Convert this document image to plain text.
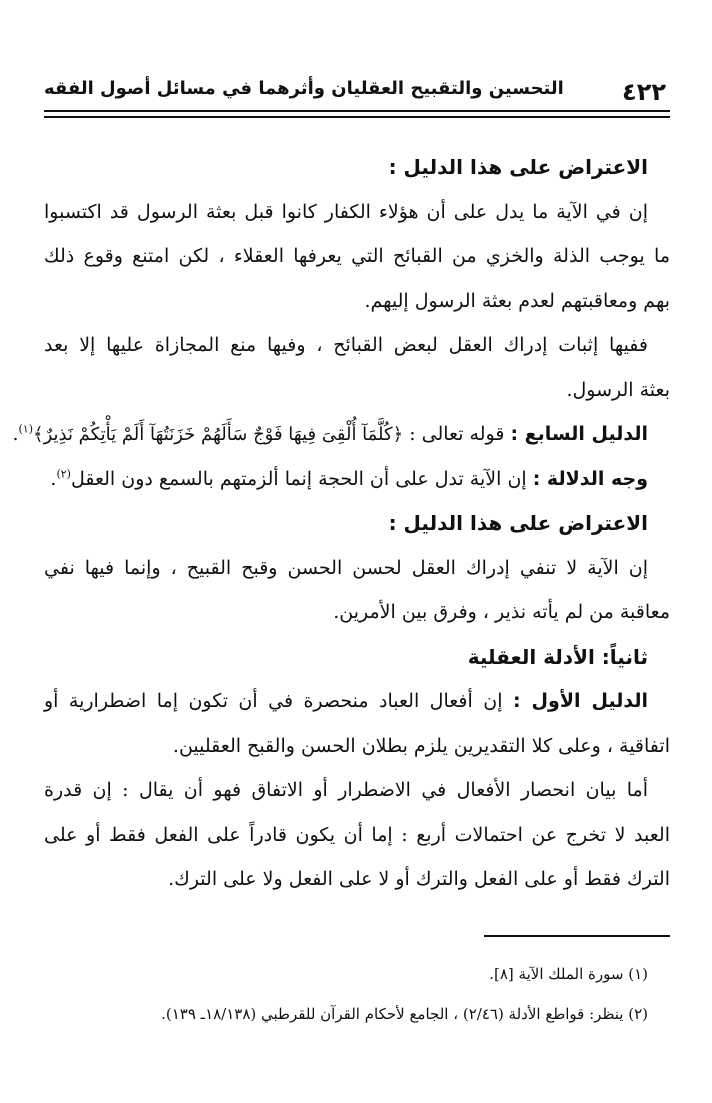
٤٢٢
التحسين والتقبيح العقليان وأثرهما في مسائل أصول الفقه
الاعتراض على هذا الدليل :
إن في الآية ما يدل على أن هؤلاء الكفار كانوا قبل بعثة الرسول قد اكتسبوا
ما يوجب الذلة والخزي من القبائح التي يعرفها العقلاء ، لكن امتنع وقوع ذلك
بهم ومعاقبتهم لعدم بعثة الرسول إليهم.
ففيها إثبات إدراك العقل لبعض القبائح ، وفيها منع المجازاة عليها إلا بعد
بعثة الرسول.
الدليل السابع : قوله تعالى : ﴿كُلَّمَآ أُلْقِىَ فِيهَا فَوْجٌ سَأَلَهُمْ خَزَنَتُهَآ أَلَمْ يَأْتِكُمْ نَذِيرٌ﴾$^{(١)}$.
وجه الدلالة : إن الآية تدل على أن الحجة إنما ألزمتهم بالسمع دون العقل$^{(٢)}$.
الاعتراض على هذا الدليل :
إن الآية لا تنفي إدراك العقل لحسن الحسن وقبح القبيح ، وإنما فيها نفي
معاقبة من لم يأته نذير ، وفرق بين الأمرين.
ثانياً: الأدلة العقلية
الدليل الأول : إن أفعال العباد منحصرة في أن تكون إما اضطرارية أو
اتفاقية ، وعلى كلا التقديرين يلزم بطلان الحسن والقبح العقليين.
أما بيان انحصار الأفعال في الاضطرار أو الاتفاق فهو أن يقال : إن قدرة
العبد لا تخرج عن احتمالات أربع : إما أن يكون قادراً على الفعل فقط أو على
الترك فقط أو على الفعل والترك أو لا على الفعل ولا على الترك.
(١) سورة الملك الآية [٨].
(٢) ينظر: قواطع الأدلة (٢/٤٦) ، الجامع لأحكام القرآن للقرطبي (١٨/١٣٨ـ ١٣٩).
